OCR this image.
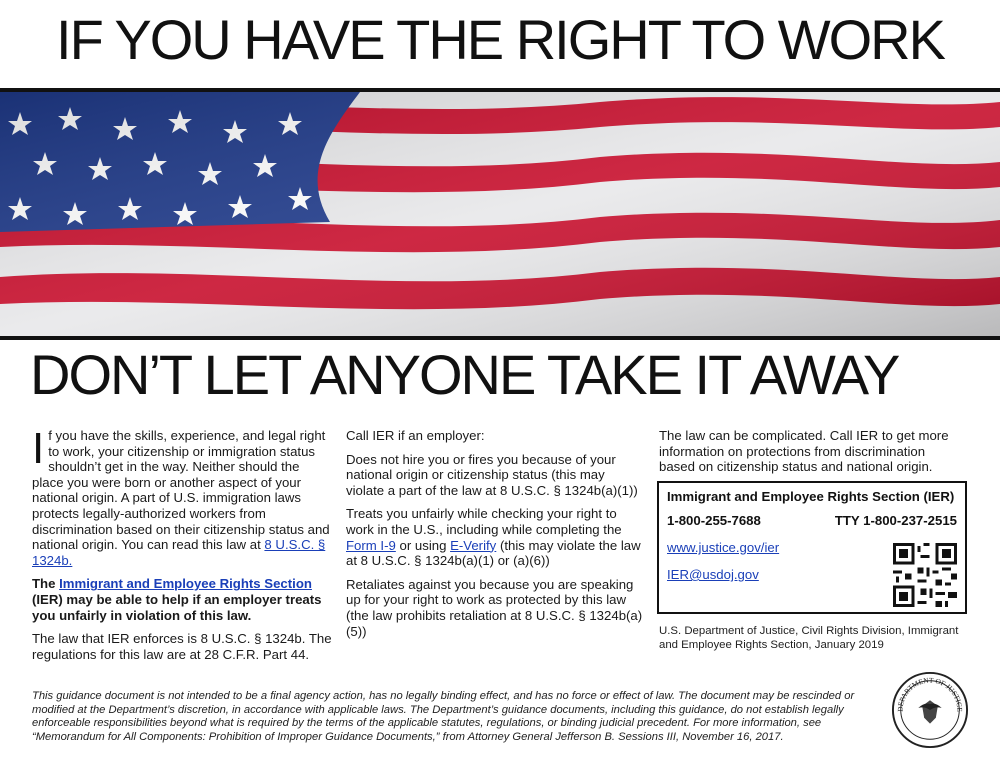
IF YOU HAVE THE RIGHT TO WORK
DON’T LET ANYONE TAKE IT AWAY

If you have the skills, experience, and legal right to work, your citizenship or immigration status shouldn’t get in the way. Neither should the place you were born or another aspect of your national origin. A part of U.S. immigration laws protects legally-authorized workers from discrimination based on their citizenship status and national origin. You can read this law at 8 U.S.C. § 1324b.

The Immigrant and Employee Rights Section (IER) may be able to help if an employer treats you unfairly in violation of this law.

The law that IER enforces is 8 U.S.C. § 1324b. The regulations for this law are at 28 C.F.R. Part 44.

Call IER if an employer:

Does not hire you or fires you because of your national origin or citizenship status (this may violate a part of the law at 8 U.S.C. § 1324b(a)(1))

Treats you unfairly while checking your right to work in the U.S., including while completing the Form I-9 or using E-Verify (this may violate the law at 8 U.S.C. § 1324b(a)(1) or (a)(6))

Retaliates against you because you are speaking up for your right to work as protected by this law (the law prohibits retaliation at 8 U.S.C. § 1324b(a)(5))

The law can be complicated. Call IER to get more information on protections from discrimination based on citizenship status and national origin.

Immigrant and Employee Rights Section (IER)
1-800-255-7688	TTY 1-800-237-2515
www.justice.gov/ier
IER@usdoj.gov
U.S. Department of Justice, Civil Rights Division, Immigrant and Employee Rights Section, January 2019
This guidance document is not intended to be a final agency action, has no legally binding effect, and has no force or effect of law. The document may be rescinded or modified at the Department’s discretion, in accordance with applicable laws. The Department’s guidance documents, including this guidance, do not establish legally enforceable responsibilities beyond what is required by the terms of the applicable statutes, regulations, or binding judicial precedent. For more information, see “Memorandum for All Components: Prohibition of Improper Guidance Documents,” from Attorney General Jefferson B. Sessions III, November 16, 2017.
DEPARTMENT OF JUSTICE
